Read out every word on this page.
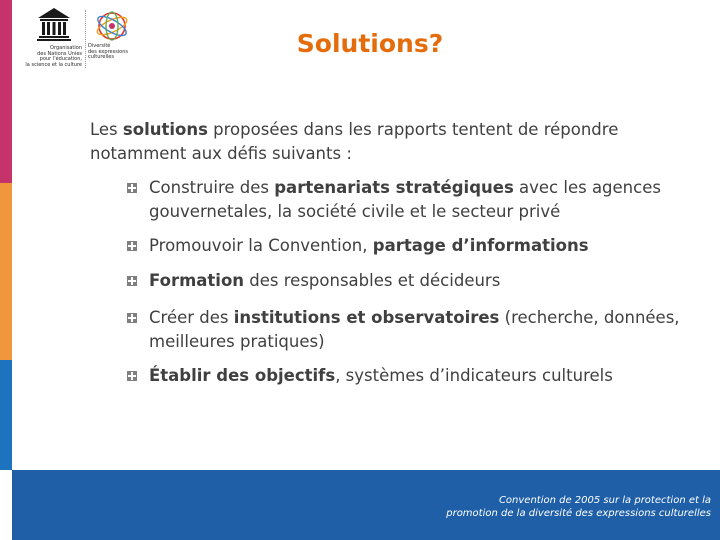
Organisation
des Nations Unies
pour l'éducation,
la science et la culture
Diversité
des expressions
culturelles	Solutions?
Les solutions proposées dans les rapports tentent de répondre notamment aux défis suivants :
Construire des partenariats stratégiques avec les agences gouvernetales, la société civile et le secteur privé
Promouvoir la Convention, partage d’informations
Formation des responsables et décideurs
Créer des institutions et observatoires (recherche, données, meilleures pratiques)
Établir des objectifs, systèmes d’indicateurs culturels
Convention de 2005 sur la protection et la
promotion de la diversité des expressions culturelles
